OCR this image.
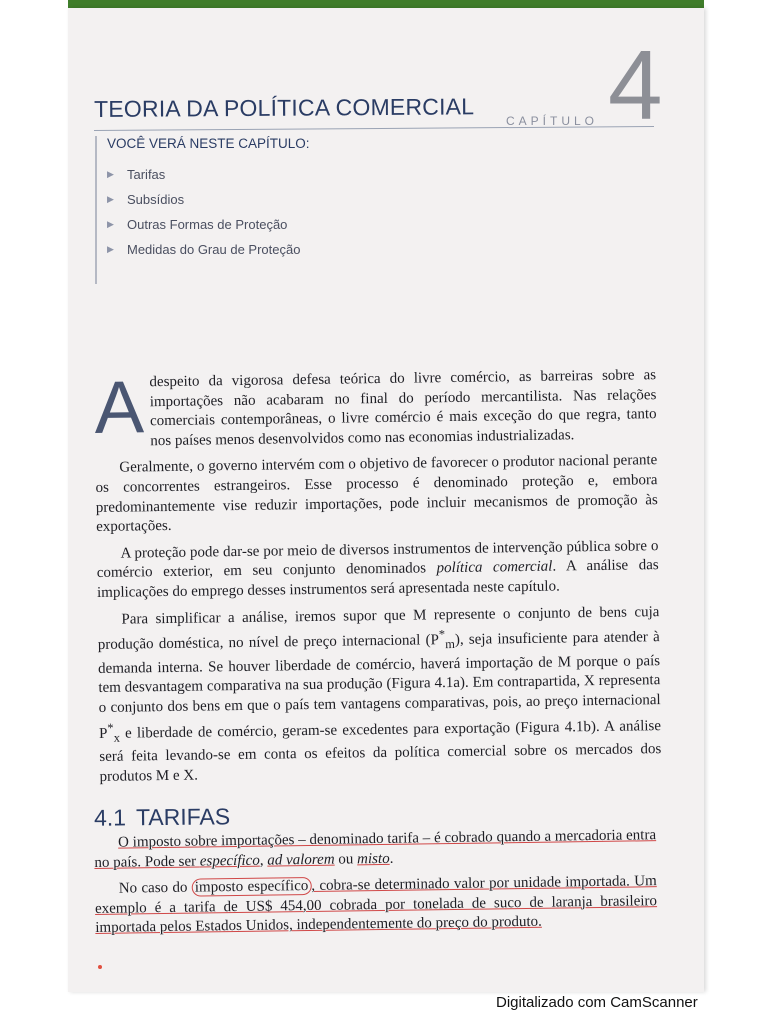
TEORIA DA POLÍTICA COMERCIAL	CAPÍTULO 4
VOCÊ VERÁ NESTE CAPÍTULO:
▶	Tarifas
▶	Subsídios
▶	Outras Formas de Proteção
▶	Medidas do Grau de Proteção

Adespeito da vigorosa defesa teórica do livre comércio, as barreiras sobre as importações não acabaram no final do período mercantilista. Nas relações comerciais contemporâneas, o livre comércio é mais exceção do que regra, tanto nos países menos desenvolvidos como nas economias industrializadas.

Geralmente, o governo intervém com o objetivo de favorecer o produtor nacional perante os concorrentes estrangeiros. Esse processo é denominado proteção e, embora predominantemente vise reduzir importações, pode incluir mecanismos de promoção às exportações.

A proteção pode dar-se por meio de diversos instrumentos de intervenção pública sobre o comércio exterior, em seu conjunto denominados política comercial. A análise das implicações do emprego desses instrumentos será apresentada neste capítulo.

Para simplificar a análise, iremos supor que M represente o conjunto de bens cuja produção doméstica, no nível de preço internacional $(P^*_m)$, seja insuficiente para atender à demanda interna. Se houver liberdade de comércio, haverá importação de M porque o país tem desvantagem comparativa na sua produção (Figura 4.1a). Em contrapartida, X representa o conjunto dos bens em que o país tem vantagens comparativas, pois, ao preço internacional $P^*_x$ e liberdade de comércio, geram-se excedentes para exportação (Figura 4.1b). A análise será feita levando-se em conta os efeitos da política comercial sobre os mercados dos produtos M e X.

4.1 TARIFAS

O imposto sobre importações – denominado tarifa – é cobrado quando a mercadoria entra no país. Pode ser específico, ad valorem ou misto.

No caso do imposto específico , cobra-se determinado valor por unidade importada. Um exemplo é a tarifa de US$ 454,00 cobrada por tonelada de suco de laranja brasileiro importada pelos Estados Unidos, independentemente do preço do produto.

Digitalizado com CamScanner
